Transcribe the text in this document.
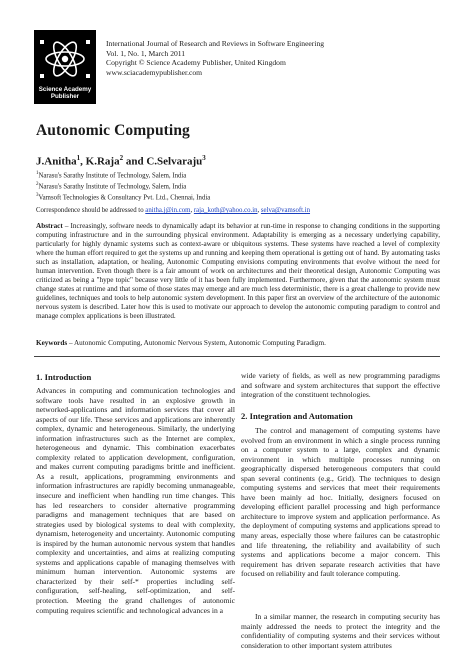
Science Academy
Publisher
International Journal of Research and Reviews in Software Engineering
Vol. 1, No. 1, March 2011
Copyright © Science Academy Publisher, United Kingdom
www.sciacademypublisher.com
Autonomic Computing
J.Anitha$^1$, K.Raja$^2$ and C.Selvaraju$^3$
$^1$Narasu's Sarathy Institute of Technology, Salem, India
$^2$Narasu's Sarathy Institute of Technology, Salem, India
$^3$Vamsoft Technologies & Consultancy Pvt. Ltd., Chennai, India
Correspondence should be addressed to anitha.j@in.com, raja_koth@yahoo.co.in, selva@vamsoft.in
Abstract – Increasingly, software needs to dynamically adapt its behavior at run-time in response to changing conditions in the supporting computing infrastructure and in the surrounding physical environment. Adaptability is emerging as a necessary underlying capability, particularly for highly dynamic systems such as context-aware or ubiquitous systems. These systems have reached a level of complexity where the human effort required to get the systems up and running and keeping them operational is getting out of hand. By automating tasks such as installation, adaptation, or healing, Autonomic Computing envisions computing environments that evolve without the need for human intervention. Even though there is a fair amount of work on architectures and their theoretical design, Autonomic Computing was criticized as being a "hype topic" because very little of it has been fully implemented. Furthermore, given that the autonomic system must change states at runtime and that some of those states may emerge and are much less deterministic, there is a great challenge to provide new guidelines, techniques and tools to help autonomic system development. In this paper first an overview of the architecture of the autonomic nervous system is described. Later how this is used to motivate our approach to develop the autonomic computing paradigm to control and manage complex applications is been illustrated.
Keywords – Autonomic Computing, Autonomic Nervous System, Autonomic Computing Paradigm.
1. Introduction
Advances in computing and communication technologies and software tools have resulted in an explosive growth in networked-applications and information services that cover all aspects of our life. These services and applications are inherently complex, dynamic and heterogeneous. Similarly, the underlying information infrastructures such as the Internet are complex, heterogeneous and dynamic. This combination exacerbates complexity related to application development, configuration, and makes current computing paradigms brittle and inefficient. As a result, applications, programming environments and information infrastructures are rapidly becoming unmanageable, insecure and inefficient when handling run time changes. This has led researchers to consider alternative programming paradigms and management techniques that are based on strategies used by biological systems to deal with complexity, dynamism, heterogeneity and uncertainty. Autonomic computing is inspired by the human autonomic nervous system that handles complexity and uncertainties, and aims at realizing computing systems and applications capable of managing themselves with minimum human intervention. Autonomic systems are characterized by their self-* properties including self-configuration, self-healing, self-optimization, and self-protection. Meeting the grand challenges of autonomic computing requires scientific and technological advances in a
wide variety of fields, as well as new programming paradigms and software and system architectures that support the effective integration of the constituent technologies.
2. Integration and Automation
The control and management of computing systems have evolved from an environment in which a single process running on a computer system to a large, complex and dynamic environment in which multiple processes running on geographically dispersed heterogeneous computers that could span several continents (e.g., Grid). The techniques to design computing systems and services that meet their requirements have been mainly ad hoc. Initially, designers focused on developing efficient parallel processing and high performance architecture to improve system and application performance. As the deployment of computing systems and applications spread to many areas, especially those where failures can be catastrophic and life threatening, the reliability and availability of such systems and applications become a major concern. This requirement has driven separate research activities that have focused on reliability and fault tolerance computing.
In a similar manner, the research in computing security has mainly addressed the needs to protect the integrity and the confidentiality of computing systems and their services without consideration to other important system attributes
